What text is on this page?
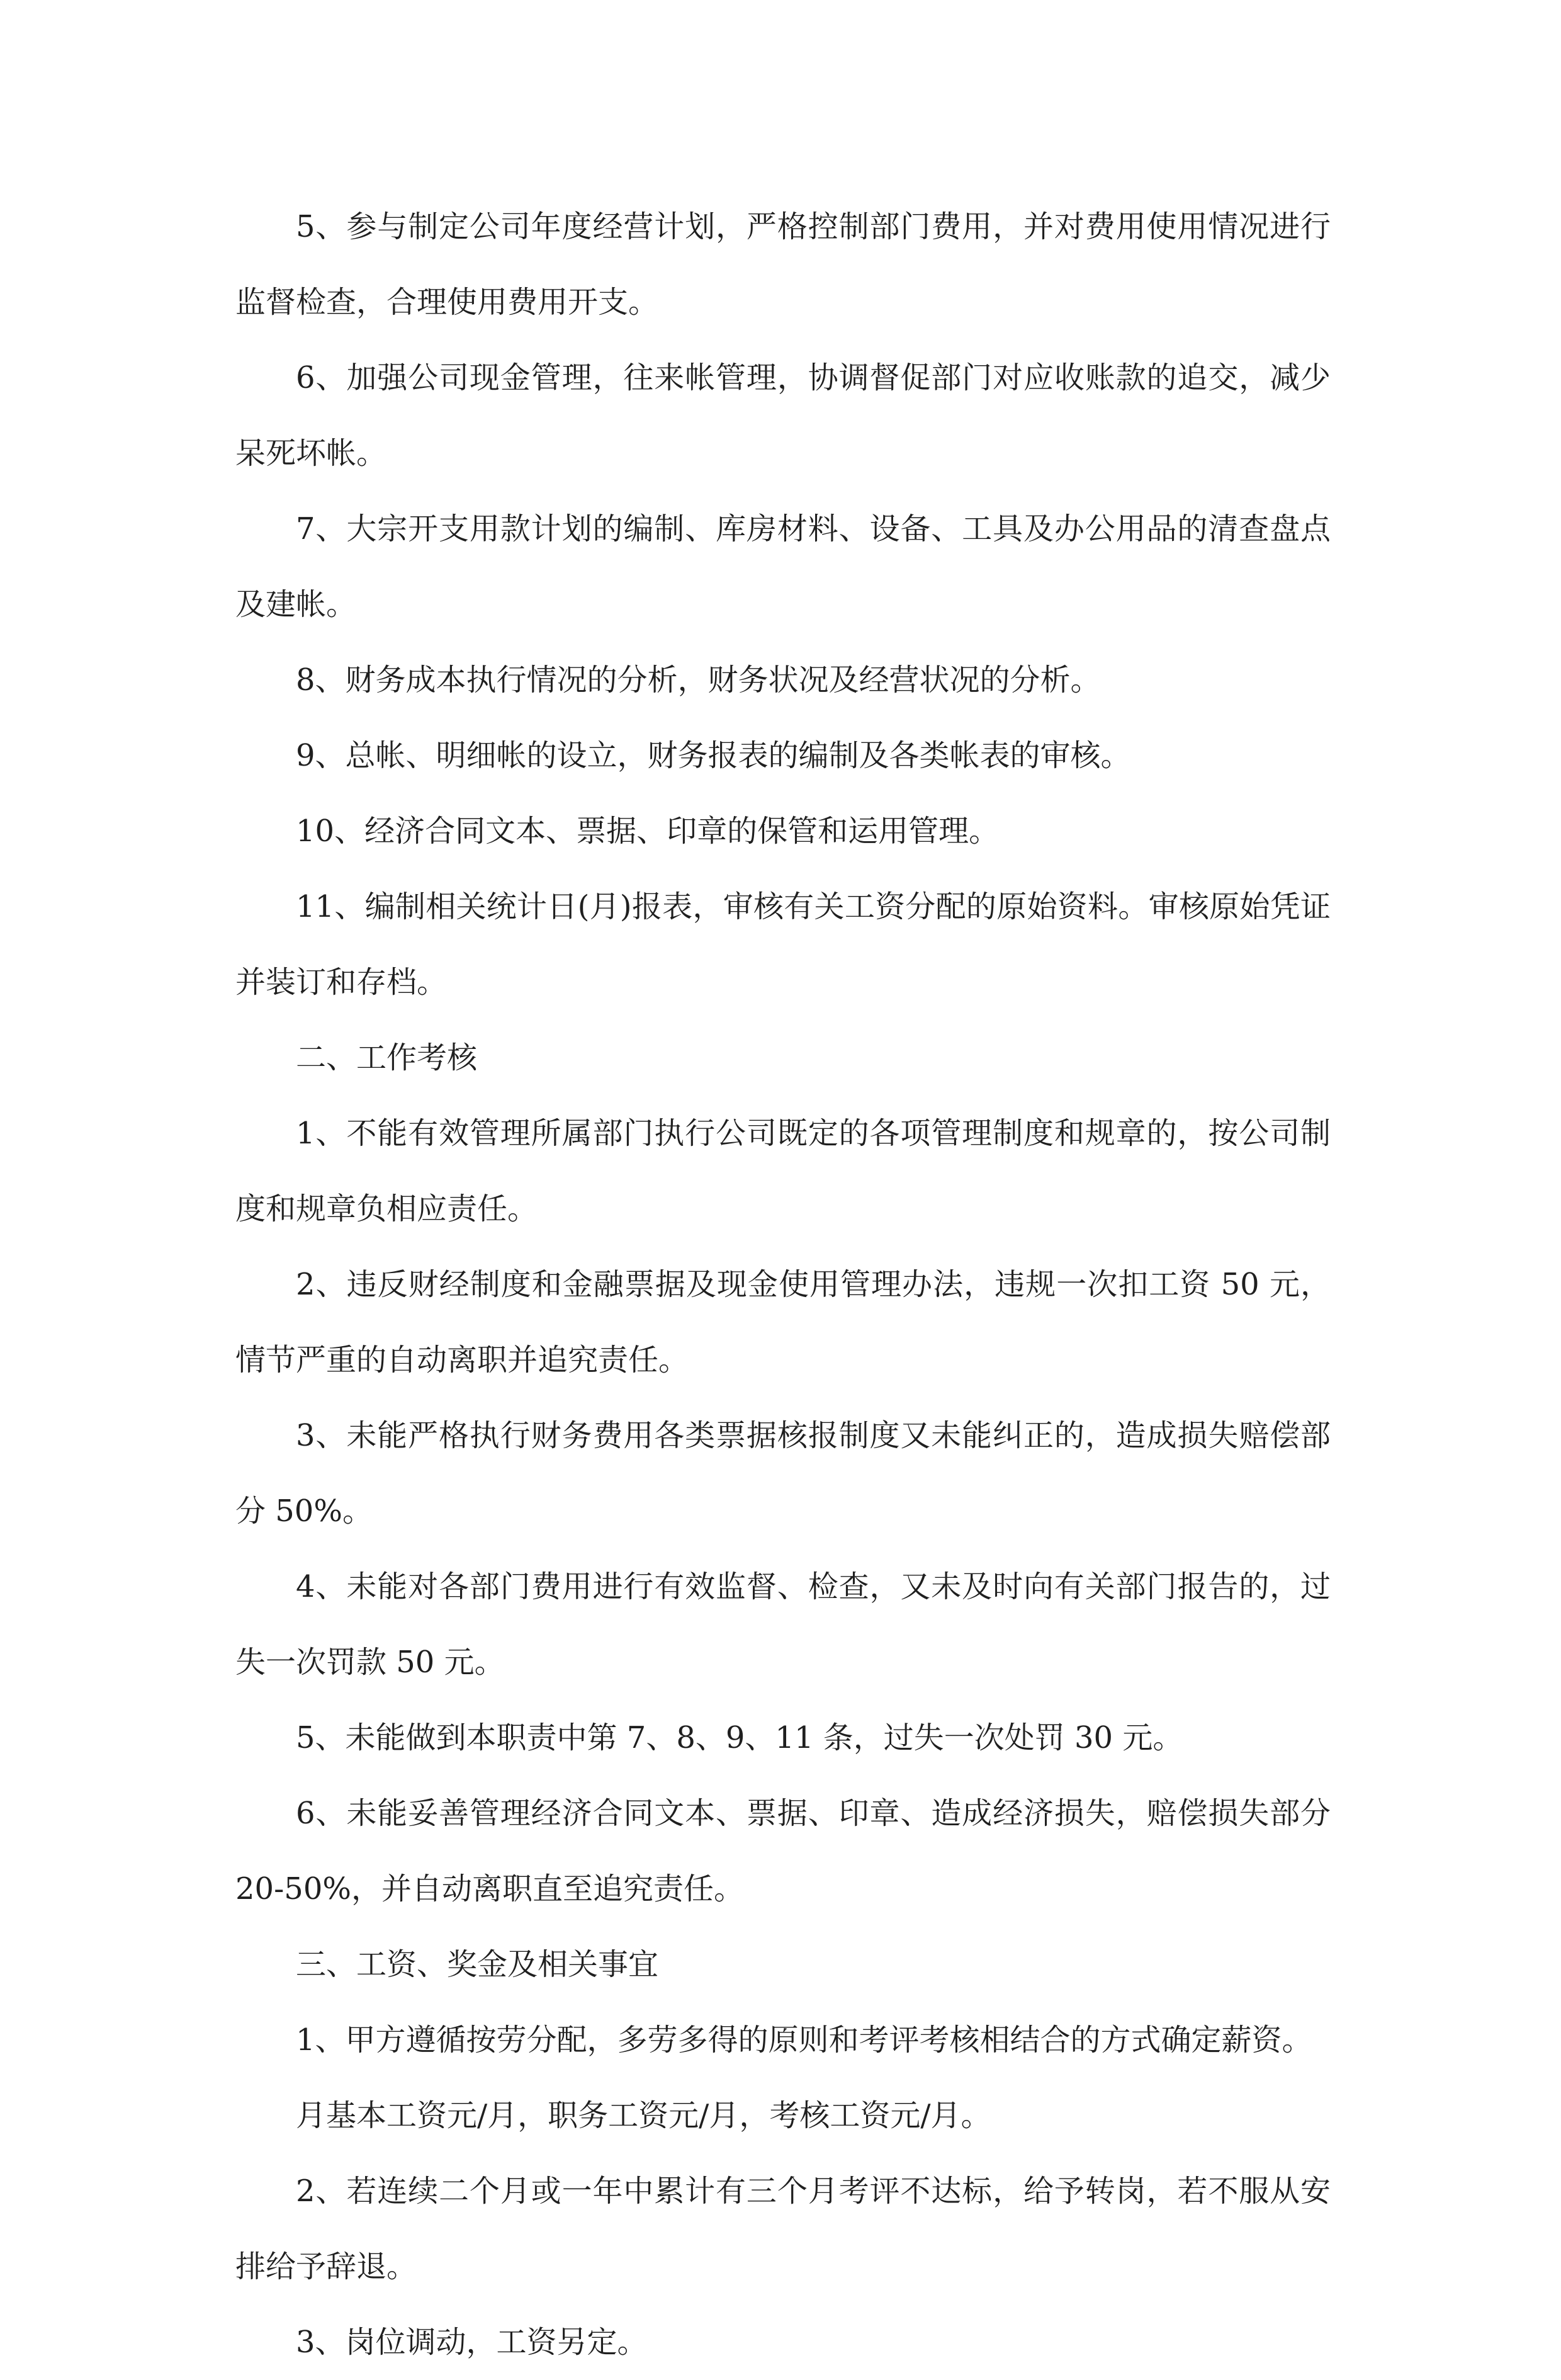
5、参与制定公司年度经营计划，严格控制部门费用，并对费用使用情况进行监督检查，合理使用费用开支。

6、加强公司现金管理，往来帐管理，协调督促部门对应收账款的追交，减少呆死坏帐。

7、大宗开支用款计划的编制、库房材料、设备、工具及办公用品的清查盘点及建帐。

8、财务成本执行情况的分析，财务状况及经营状况的分析。

9、总帐、明细帐的设立，财务报表的编制及各类帐表的审核。

10、经济合同文本、票据、印章的保管和运用管理。

11、编制相关统计日(月)报表，审核有关工资分配的原始资料。审核原始凭证并装订和存档。

二、工作考核

1、不能有效管理所属部门执行公司既定的各项管理制度和规章的，按公司制度和规章负相应责任。

2、违反财经制度和金融票据及现金使用管理办法，违规一次扣工资 50 元，情节严重的自动离职并追究责任。

3、未能严格执行财务费用各类票据核报制度又未能纠正的，造成损失赔偿部分 50%。

4、未能对各部门费用进行有效监督、检查，又未及时向有关部门报告的，过失一次罚款 50 元。

5、未能做到本职责中第 7、8、9、11 条，过失一次处罚 30 元。

6、未能妥善管理经济合同文本、票据、印章、造成经济损失，赔偿损失部分 20-50%，并自动离职直至追究责任。

三、工资、奖金及相关事宜

1、甲方遵循按劳分配，多劳多得的原则和考评考核相结合的方式确定薪资。

月基本工资元/月，职务工资元/月，考核工资元/月。

2、若连续二个月或一年中累计有三个月考评不达标，给予转岗，若不服从安排给予辞退。

3、岗位调动，工资另定。
